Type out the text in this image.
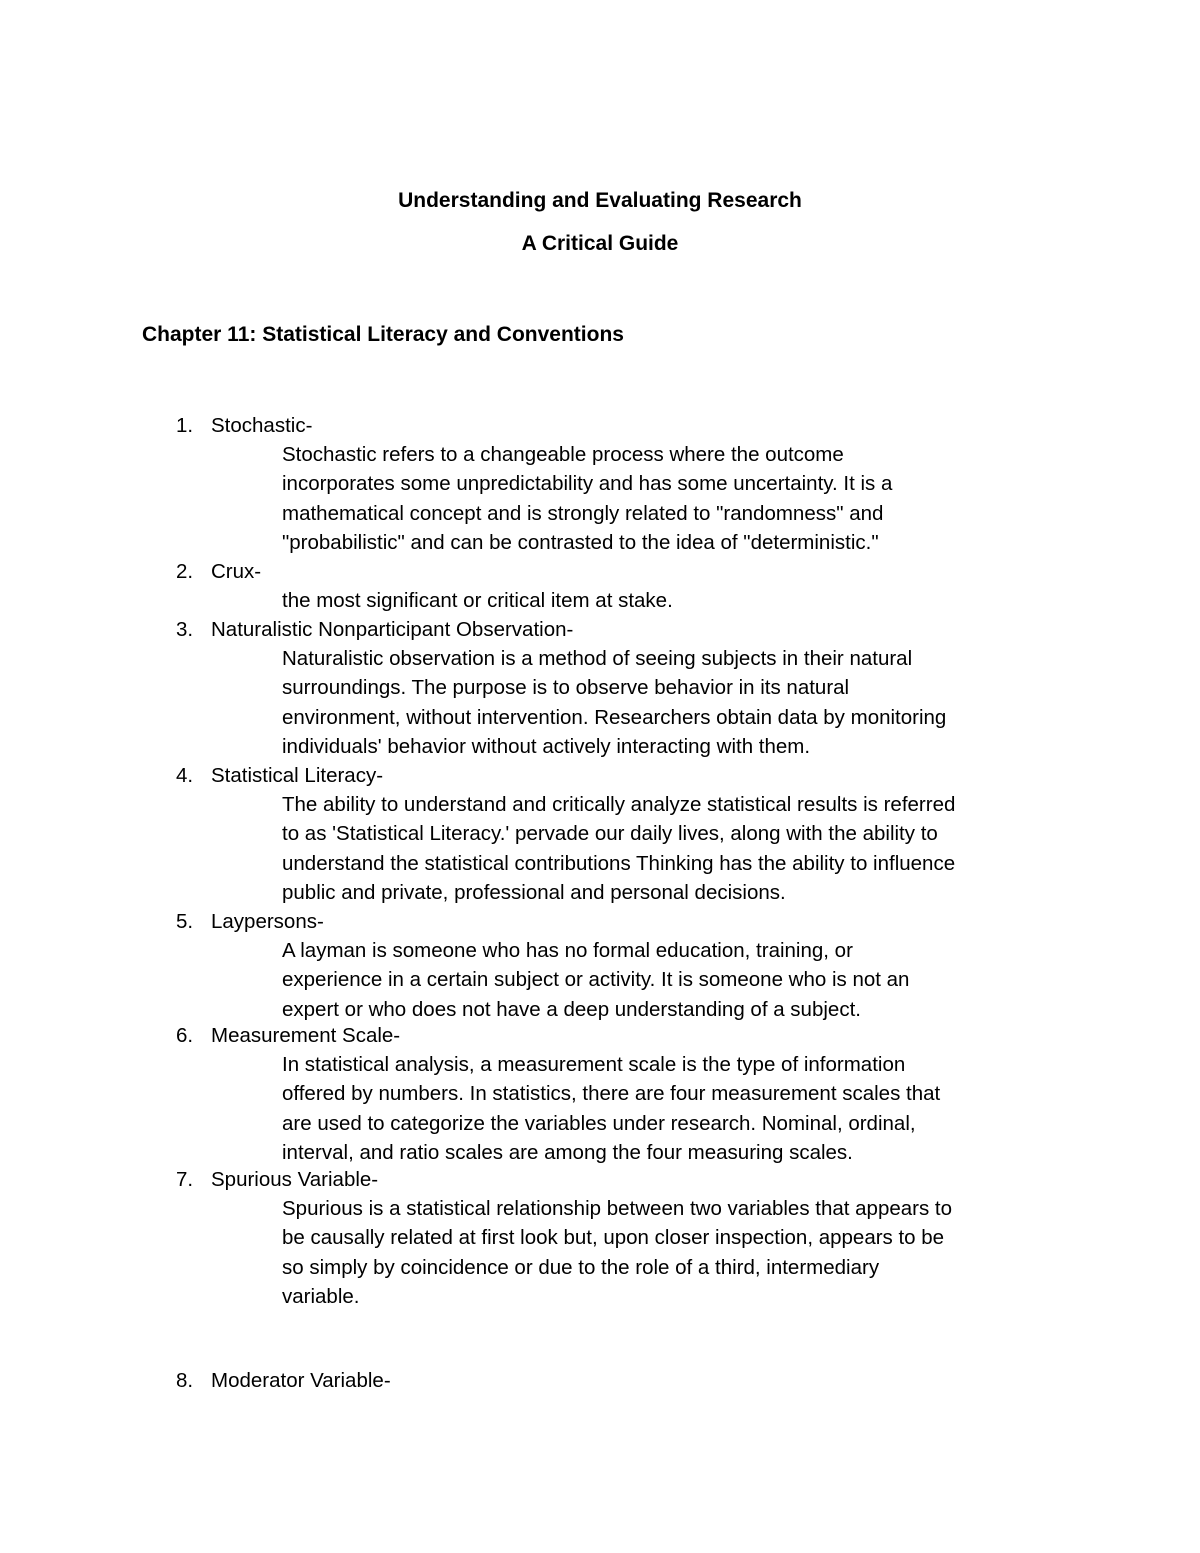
Understanding and Evaluating Research
A Critical Guide
Chapter 11: Statistical Literacy and Conventions
1. Stochastic-

Stochastic refers to a changeable process where the outcome
incorporates some unpredictability and has some uncertainty. It is a
mathematical concept and is strongly related to "randomness" and
"probabilistic" and can be contrasted to the idea of "deterministic."

2. Crux-

the most significant or critical item at stake.

3. Naturalistic Nonparticipant Observation-

Naturalistic observation is a method of seeing subjects in their natural
surroundings. The purpose is to observe behavior in its natural
environment, without intervention. Researchers obtain data by monitoring
individuals' behavior without actively interacting with them.

4. Statistical Literacy-

The ability to understand and critically analyze statistical results is referred
to as 'Statistical Literacy.' pervade our daily lives, along with the ability to
understand the statistical contributions Thinking has the ability to influence
public and private, professional and personal decisions.

5. Laypersons-

A layman is someone who has no formal education, training, or
experience in a certain subject or activity. It is someone who is not an
expert or who does not have a deep understanding of a subject.

6. Measurement Scale-

In statistical analysis, a measurement scale is the type of information
offered by numbers. In statistics, there are four measurement scales that
are used to categorize the variables under research. Nominal, ordinal,
interval, and ratio scales are among the four measuring scales.

7. Spurious Variable-

Spurious is a statistical relationship between two variables that appears to
be causally related at first look but, upon closer inspection, appears to be
so simply by coincidence or due to the role of a third, intermediary
variable.

8. Moderator Variable-
